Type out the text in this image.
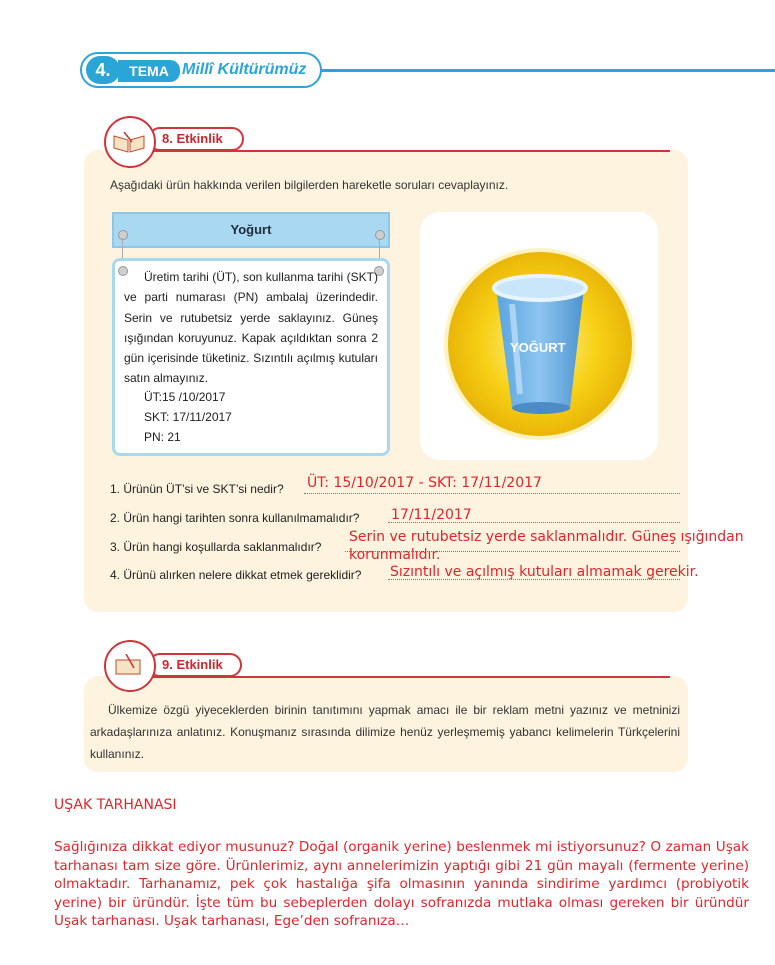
4.	TEMA Millî Kültürümüz
8. Etkinlik
Aşağıdaki ürün hakkında verilen bilgilerden hareketle soruları cevaplayınız.
Yoğurt
Üretim tarihi (ÜT), son kullanma tarihi (SKT) ve parti numarası (PN) ambalaj üzerindedir. Serin ve rutubetsiz yerde saklayınız. Güneş ışığından koruyunuz. Kapak açıldıktan sonra 2 gün içerisinde tüketiniz. Sızıntılı açılmış kutuları satın almayınız.
ÜT:15 /10/2017
SKT: 17/11/2017
PN: 21
YOĞURT
1. Ürünün ÜT’si ve SKT’si nedir? ÜT: 15/10/2017 - SKT: 17/11/2017
2. Ürün hangi tarihten sonra kullanılmamalıdır? 17/11/2017
3. Ürün hangi koşullarda saklanmalıdır?
Serin ve rutubetsiz yerde saklanmalıdır. Güneş ışığından korunmalıdır.
4. Ürünü alırken nelere dikkat etmek gereklidir? Sızıntılı ve açılmış kutuları almamak gerekir.
9. Etkinlik
Ülkemize özgü yiyeceklerden birinin tanıtımını yapmak amacı ile bir reklam metni yazınız ve metninizi arkadaşlarınıza anlatınız. Konuşmanız sırasında dilimize henüz yerleşmemiş yabancı kelimelerin Türkçelerini kullanınız.
UŞAK TARHANASI
Sağlığınıza dikkat ediyor musunuz? Doğal (organik yerine) beslenmek mi istiyorsunuz? O zaman Uşak tarhanası tam size göre. Ürünlerimiz, aynı annelerimizin yaptığı gibi 21 gün mayalı (fermente yerine) olmaktadır. Tarhanamız, pek çok hastalığa şifa olmasının yanında sindirime yardımcı (probiyotik yerine) bir üründür. İşte tüm bu sebeplerden dolayı sofranızda mutlaka olması gereken bir üründür Uşak tarhanası. Uşak tarhanası, Ege’den sofranıza…
